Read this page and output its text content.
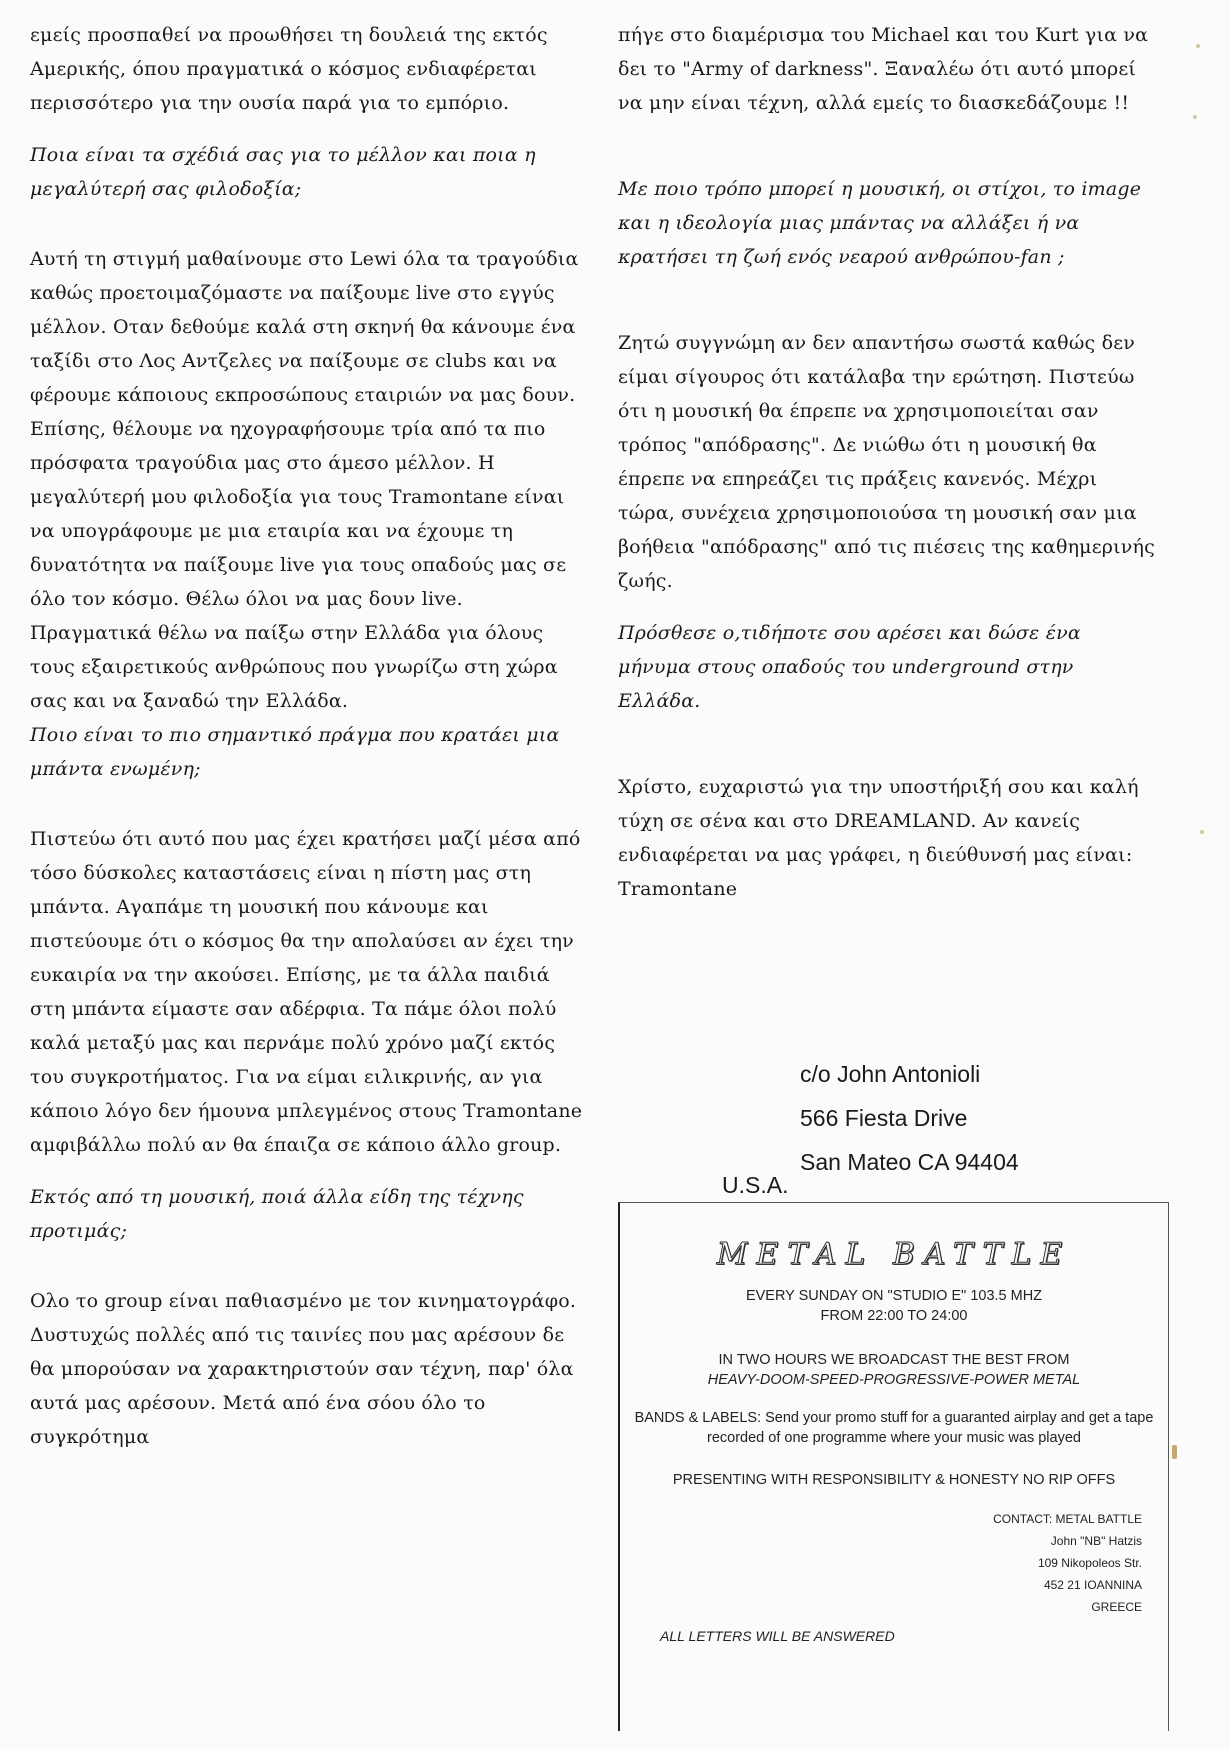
εμείς προσπαθεί να προωθήσει τη δουλειά της εκτός Αμερικής, όπου πραγματικά ο κόσμος ενδιαφέρεται περισσότερο για την ουσία παρά για το εμπόριο.

Ποια είναι τα σχέδιά σας για το μέλλον και ποια η μεγαλύτερή σας φιλοδοξία;

Αυτή τη στιγμή μαθαίνουμε στο Lewi όλα τα τραγούδια καθώς προετοιμαζόμαστε να παίξουμε live στο εγγύς μέλλον. Οταν δεθούμε καλά στη σκηνή θα κάνουμε ένα ταξίδι στο Λος Αντζελες να παίξουμε σε clubs και να φέρουμε κάποιους εκπροσώπους εταιριών να μας δουν. Επίσης, θέλουμε να ηχογραφήσουμε τρία από τα πιο πρόσφατα τραγούδια μας στο άμεσο μέλλον. Η μεγαλύτερή μου φιλοδοξία για τους Tramontane είναι να υπογράφουμε με μια εταιρία και να έχουμε τη δυνατότητα να παίξουμε live για τους οπαδούς μας σε όλο τον κόσμο. Θέλω όλοι να μας δουν live. Πραγματικά θέλω να παίξω στην Ελλάδα για όλους τους εξαιρετικούς ανθρώπους που γνωρίζω στη χώρα σας και να ξαναδώ την Ελλάδα.

Ποιο είναι το πιο σημαντικό πράγμα που κρατάει μια μπάντα ενωμένη;

Πιστεύω ότι αυτό που μας έχει κρατήσει μαζί μέσα από τόσο δύσκολες καταστάσεις είναι η πίστη μας στη μπάντα. Αγαπάμε τη μουσική που κάνουμε και πιστεύουμε ότι ο κόσμος θα την απολαύσει αν έχει την ευκαιρία να την ακούσει. Επίσης, με τα άλλα παιδιά στη μπάντα είμαστε σαν αδέρφια. Τα πάμε όλοι πολύ καλά μεταξύ μας και περνάμε πολύ χρόνο μαζί εκτός του συγκροτήματος. Για να είμαι ειλικρινής, αν για κάποιο λόγο δεν ήμουνα μπλεγμένος στους Tramontane αμφιβάλλω πολύ αν θα έπαιζα σε κάποιο άλλο group.

Εκτός από τη μουσική, ποιά άλλα είδη της τέχνης προτιμάς;

Ολο το group είναι παθιασμένο με τον κινηματογράφο. Δυστυχώς πολλές από τις ταινίες που μας αρέσουν δε θα μπορούσαν να χαρακτηριστούν σαν τέχνη, παρ' όλα αυτά μας αρέσουν. Μετά από ένα σόου όλο το συγκρότημα

πήγε στο διαμέρισμα του Michael και του Kurt για να δει το "Army of darkness". Ξαναλέω ότι αυτό μπορεί να μην είναι τέχνη, αλλά εμείς το διασκεδάζουμε !!

Με ποιο τρόπο μπορεί η μουσική, οι στίχοι, το image και η ιδεολογία μιας μπάντας να αλλάξει ή να κρατήσει τη ζωή ενός νεαρού ανθρώπου-fan ;

Ζητώ συγγνώμη αν δεν απαντήσω σωστά καθώς δεν είμαι σίγουρος ότι κατάλαβα την ερώτηση. Πιστεύω ότι η μουσική θα έπρεπε να χρησιμοποιείται σαν τρόπος "απόδρασης". Δε νιώθω ότι η μουσική θα έπρεπε να επηρεάζει τις πράξεις κανενός. Μέχρι τώρα, συνέχεια χρησιμοποιούσα τη μουσική σαν μια βοήθεια "απόδρασης" από τις πιέσεις της καθημερινής ζωής.

Πρόσθεσε ο,τιδήποτε σου αρέσει και δώσε ένα μήνυμα στους οπαδούς του underground στην Ελλάδα.

Χρίστο, ευχαριστώ για την υποστήριξή σου και καλή τύχη σε σένα και στο DREAMLAND. Αν κανείς ενδιαφέρεται να μας γράφει, η διεύθυνσή μας είναι: Tramontane

c/o John Antonioli
566 Fiesta Drive
San Mateo CA 94404
U.S.A.
METAL BATTLE
EVERY SUNDAY ON "STUDIO E" 103.5 MHZ
FROM 22:00 TO 24:00
IN TWO HOURS WE BROADCAST THE BEST FROM
HEAVY-DOOM-SPEED-PROGRESSIVE-POWER METAL
BANDS & LABELS: Send your promo stuff for a guaranted airplay and get a tape recorded of one programme where your music was played
PRESENTING WITH RESPONSIBILITY & HONESTY NO RIP OFFS
CONTACT: METAL BATTLE
John "NB" Hatzis
109 Nikopoleos Str.
452 21 IOANNINA
GREECE
ALL LETTERS WILL BE ANSWERED
